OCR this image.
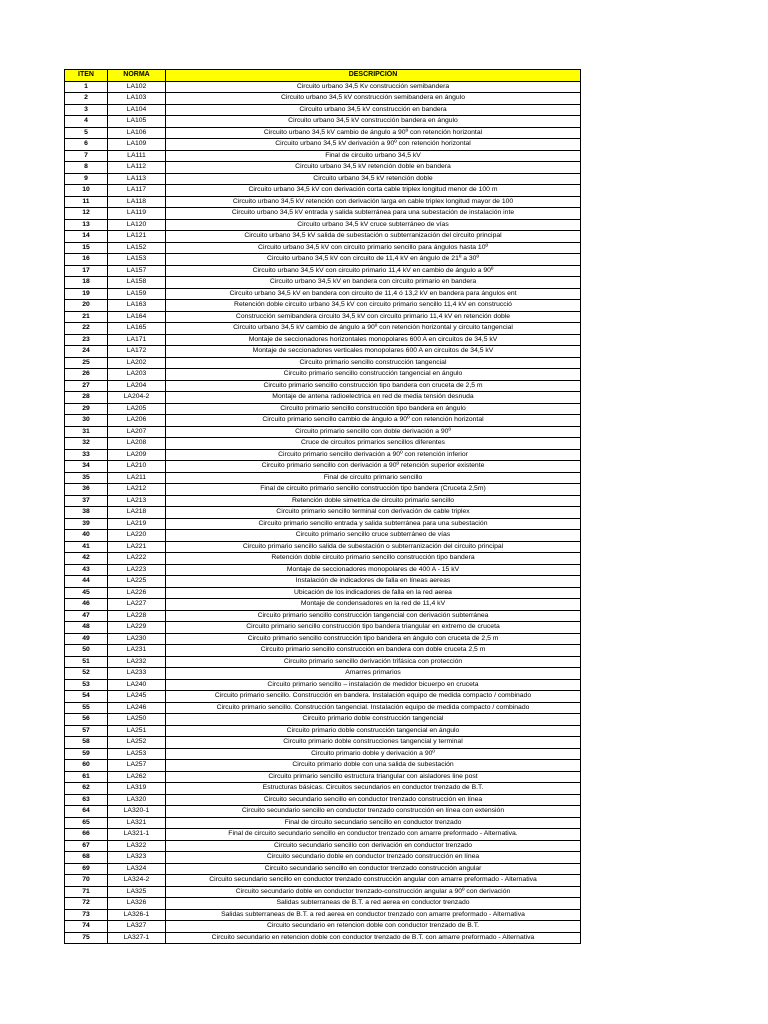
ITEN	NORMA	DESCRIPCIÓN
1	LA102	Circuito urbano 34,5 Kv construcción semibandera
2	LA103	Circuito urbano 34,5 kV construcción semibandera en ángulo
3	LA104	Circuito urbano 34,5 kV construcción en bandera
4	LA105	Circuito urbano 34,5 kV construcción bandera en ángulo
5	LA106	Circuito urbano 34,5 kV cambio de ángulo a 90º con retención horizontal
6	LA109	Circuito urbano 34,5 kV derivación a 90º con retención horizontal
7	LA111	Final de circuito urbano 34,5 kV
8	LA112	Circuito urbano 34,5 kV retención doble en bandera
9	LA113	Circuito urbano 34,5 kV retención doble
10	LA117	Circuito urbano 34,5 kV con derivación corta cable triplex longitud menor de 100 m
11	LA118	Circuito urbano 34,5 kV retención con derivación larga en cable triplex longitud mayor de 100
12	LA119	Circuito urbano 34,5 kV entrada y salida subterránea para una subestación de instalación inte
13	LA120	Circuito urbano 34,5 kV cruce subterráneo de vías
14	LA121	Circuito urbano 34,5 kV salida de subestación o subterranización del circuito principal
15	LA152	Circuito urbano 34,5 kV con circuito primario sencillo para ángulos hasta 10º
16	LA153	Circuito urbano 34,5 kV con circuito de 11,4 kV en ángulo de 21º a 30º
17	LA157	Circuito urbano 34,5 kV con circuito primario 11,4 kV en cambio de ángulo a 90º
18	LA158	Circuito urbano 34,5 kV en bandera con circuito primario en bandera
19	LA159	Circuito urbano 34,5 kV en bandera con circuito de 11,4 ó 13,2 kV en bandera para ángulos ent
20	LA163	Retención doble circuito urbano 34,5 kV con circuito primario sencillo 11,4 kV en construcció
21	LA164	Construcción semibandera circuito 34,5 kV con circuito primario 11,4 kV en retención doble
22	LA165	Circuito urbano 34,5 kV cambio de ángulo a 90º con retención horizontal y circuito tangencial
23	LA171	Montaje de seccionadores horizontales monopolares 600 A en circuitos de 34,5 kV
24	LA172	Montaje de seccionadores verticales monopolares 600 A en circuitos de 34,5 kV
25	LA202	Circuito primario sencillo construcción tangencial
26	LA203	Circuito primario sencillo construcción tangencial en ángulo
27	LA204	Circuito primario sencillo construcción tipo bandera con cruceta de 2,5 m
28	LA204-2	Montaje de antena radioelectrica en red de media tensión desnuda
29	LA205	Circuito primario sencillo construcción tipo bandera en ángulo
30	LA206	Circuito primario sencillo cambio de ángulo a 90º con retención horizontal
31	LA207	Circuito primario sencillo con doble derivación a 90º
32	LA208	Cruce de circuitos primarios sencillos diferentes
33	LA209	Circuito primario sencillo derivación a 90º con retención inferior
34	LA210	Circuito primario sencillo con derivación a 90º retención superior existente
35	LA211	Final de circuito primario sencillo
36	LA212	Final de circuito primario sencillo construcción tipo bandera (Cruceta 2,5m)
37	LA213	Retención doble simetrica de circuito primario sencillo
38	LA218	Circuito primario sencillo terminal con derivación de cable triplex
39	LA219	Circuito primario sencillo entrada y salida subterránea para una subestación
40	LA220	Circuito primario sencillo cruce subterráneo de vías
41	LA221	Circuito primario sencillo salida de subestación o subterranización del circuito principal
42	LA222	Retención doble circuito primario sencillo construcción tipo bandera
43	LA223	Montaje de seccionadores monopolares de 400 A - 15 kV
44	LA225	Instalación de indicadores de falla en líneas aereas
45	LA226	Ubicación de los indicadores de falla en la red aerea
46	LA227	Montaje de condensadores en la red de 11,4 kV
47	LA228	Circuito primario sencillo construcción tangencial con derivación subterránea
48	LA229	Circuito primario sencillo construcción tipo bandera triangular en extremo de cruceta
49	LA230	Circuito primario sencillo construcción tipo bandera en ángulo con cruceta de 2,5 m
50	LA231	Circuito primario sencillo construcción en bandera con doble cruceta 2,5 m
51	LA232	Circuito primario sencillo derivación trifásica con protección
52	LA233	Amarres primarios
53	LA240	Circuito primario sencillo – instalación de medidor bicuerpo en cruceta
54	LA245	Circuito primario sencillo. Construcción en bandera. Instalación equipo de medida compacto / combinado
55	LA246	Circuito primario sencillo. Construcción tangencial. Instalación equipo de medida compacto / combinado
56	LA250	Circuito primario doble construcción tangencial
57	LA251	Circuito primario doble construcción tangencial en ángulo
58	LA252	Circuito primario doble construcciones tangencial y terminal
59	LA253	Circuito primario doble y derivación a 90º
60	LA257	Circuito primario doble con una salida de subestación
61	LA262	Circuito primario sencillo estructura triangular con aisladores line post
62	LA319	Estructuras básicas. Circuitos secundarios en conductor trenzado de B.T.
63	LA320	Circuito secundario sencillo en conductor trenzado construcción en línea
64	LA320-1	Circuito secundario sencillo en conductor trenzado construcción en línea con extensión
65	LA321	Final de circuito secundario sencillo en conductor trenzado
66	LA321-1	Final de circuito secundario sencillo en conductor trenzado con amarre preformado - Alternativa.
67	LA322	Circuito secundario sencillo con derivación en conductor trenzado
68	LA323	Circuito secundario doble en conductor trenzado construcción en línea
69	LA324	Circuito secundario sencillo en conductor trenzado construcción angular
70	LA324-2	Circuito secundario sencillo en conductor trenzado construcción angular con amarre preformado - Alternativa
71	LA325	Circuito secundario doble en conductor trenzado-construcción angular a 90º con derivación
72	LA326	Salidas subterraneas de B.T. a red aerea en conductor trenzado
73	LA326-1	Salidas subterraneas de B.T. a red aerea en conductor trenzado con amarre preformado - Alternativa
74	LA327	Circuito secundario en retencion doble con conductor trenzado de B.T.
75	LA327-1	Circuito secundario en retencion doble con conductor trenzado de B.T. con amarre preformado - Alternativa
